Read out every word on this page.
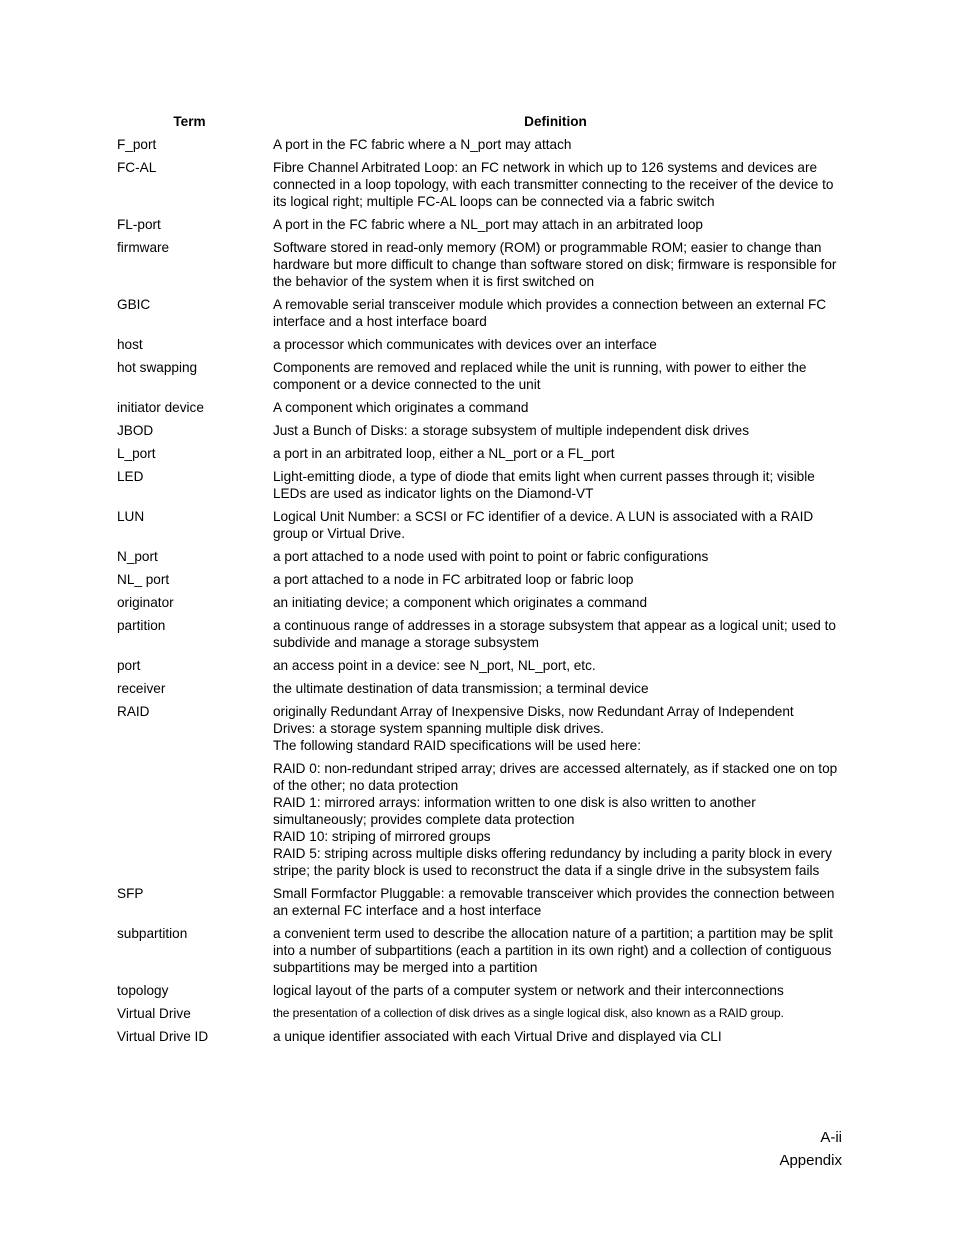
Term	Definition
F_port	A port in the FC fabric where a N_port may attach

FC-AL	Fibre Channel Arbitrated Loop: an FC network in which up to 126 systems and devices are connected in a loop topology, with each transmitter connecting to the receiver of the device to its logical right; multiple FC-AL loops can be connected via a fabric switch

FL-port	A port in the FC fabric where a NL_port may attach in an arbitrated loop

firmware	Software stored in read-only memory (ROM) or programmable ROM; easier to change than hardware but more difficult to change than software stored on disk; firmware is responsible for the behavior of the system when it is first switched on

GBIC	A removable serial transceiver module which provides a connection between an external FC interface and a host interface board

host	a processor which communicates with devices over an interface

hot swapping	Components are removed and replaced while the unit is running, with power to either the component or a device connected to the unit

initiator device	A component which originates a command

JBOD	Just a Bunch of Disks: a storage subsystem of multiple independent disk drives

L_port	a port in an arbitrated loop, either a NL_port or a FL_port

LED	Light-emitting diode, a type of diode that emits light when current passes through it; visible LEDs are used as indicator lights on the Diamond-VT

LUN	Logical Unit Number: a SCSI or FC identifier of a device. A LUN is associated with a RAID group or Virtual Drive.

N_port	a port attached to a node used with point to point or fabric configurations

NL_ port	a port attached to a node in FC arbitrated loop or fabric loop

originator	an initiating device; a component which originates a command

partition	a continuous range of addresses in a storage subsystem that appear as a logical unit; used to subdivide and manage a storage subsystem

port	an access point in a device: see N_port, NL_port, etc.

receiver	the ultimate destination of data transmission; a terminal device

RAID	originally Redundant Array of Inexpensive Disks, now Redundant Array of Independent Drives: a storage system spanning multiple disk drives.
The following standard RAID specifications will be used here:

RAID 0: non-redundant striped array; drives are accessed alternately, as if stacked one on top of the other; no data protection
RAID 1: mirrored arrays: information written to one disk is also written to another simultaneously; provides complete data protection
RAID 10: striping of mirrored groups
RAID 5: striping across multiple disks offering redundancy by including a parity block in every stripe; the parity block is used to reconstruct the data if a single drive in the subsystem fails

SFP	Small Formfactor Pluggable: a removable transceiver which provides the connection between an external FC interface and a host interface

subpartition	a convenient term used to describe the allocation nature of a partition; a partition may be split into a number of subpartitions (each a partition in its own right) and a collection of contiguous subpartitions may be merged into a partition

topology	logical layout of the parts of a computer system or network and their interconnections

Virtual Drive	the presentation of a collection of disk drives as a single logical disk, also known as a RAID group.

Virtual Drive ID	a unique identifier associated with each Virtual Drive and displayed via CLI

A-ii
Appendix
